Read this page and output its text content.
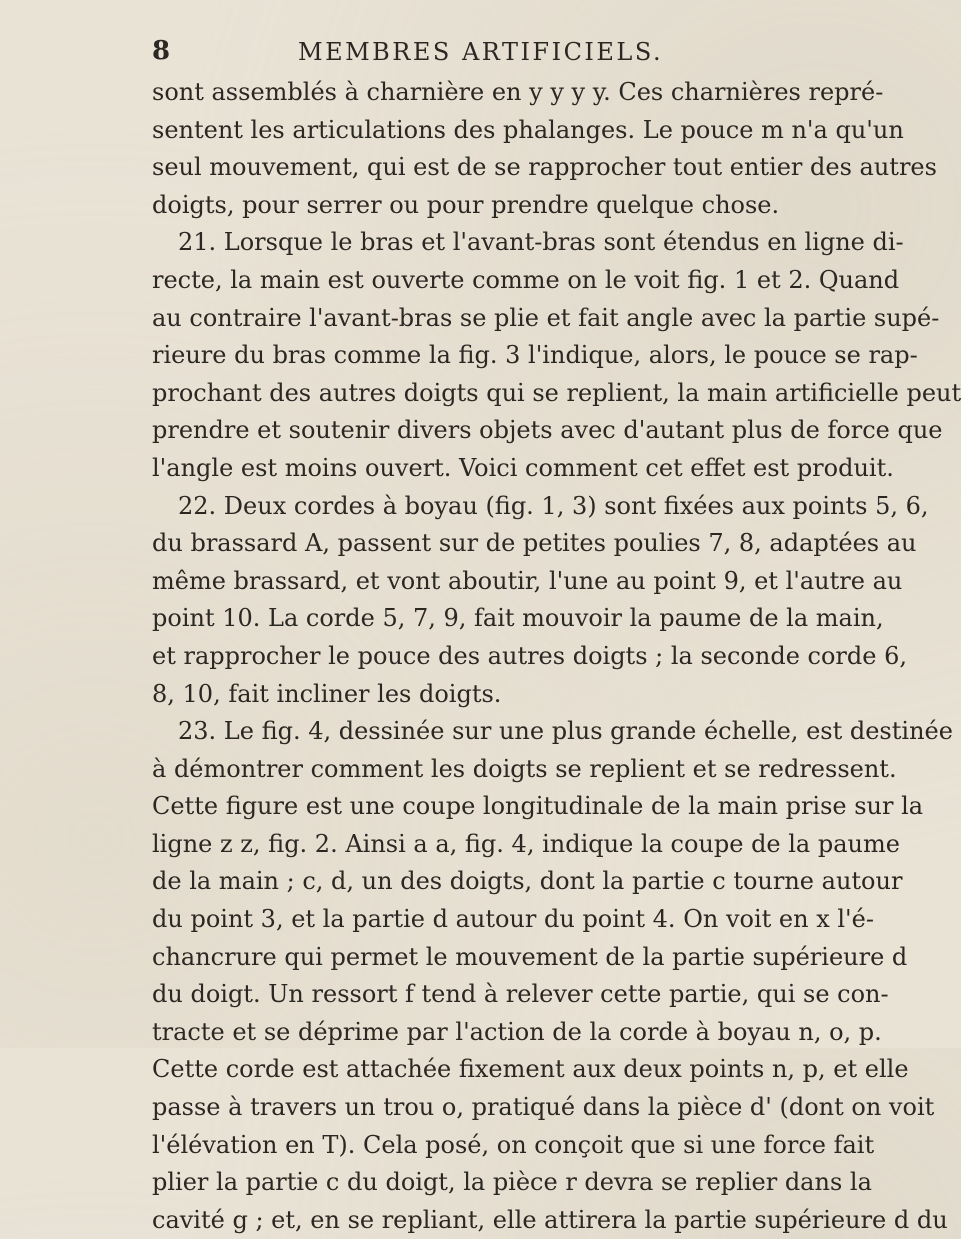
8	MEMBRES ARTIFICIELS.
sont assemblés à charnière en y y y y. Ces charnières repré-
sentent les articulations des phalanges. Le pouce m n'a qu'un
seul mouvement, qui est de se rapprocher tout entier des autres
doigts, pour serrer ou pour prendre quelque chose.
21. Lorsque le bras et l'avant-bras sont étendus en ligne di-
recte, la main est ouverte comme on le voit fig. 1 et 2. Quand
au contraire l'avant-bras se plie et fait angle avec la partie supé-
rieure du bras comme la fig. 3 l'indique, alors, le pouce se rap-
prochant des autres doigts qui se replient, la main artificielle peut
prendre et soutenir divers objets avec d'autant plus de force que
l'angle est moins ouvert. Voici comment cet effet est produit.
22. Deux cordes à boyau (fig. 1, 3) sont fixées aux points 5, 6,
du brassard A, passent sur de petites poulies 7, 8, adaptées au
même brassard, et vont aboutir, l'une au point 9, et l'autre au
point 10. La corde 5, 7, 9, fait mouvoir la paume de la main,
et rapprocher le pouce des autres doigts ; la seconde corde 6,
8, 10, fait incliner les doigts.
23. Le fig. 4, dessinée sur une plus grande échelle, est destinée
à démontrer comment les doigts se replient et se redressent.
Cette figure est une coupe longitudinale de la main prise sur la
ligne z z, fig. 2. Ainsi a a, fig. 4, indique la coupe de la paume
de la main ; c, d, un des doigts, dont la partie c tourne autour
du point 3, et la partie d autour du point 4. On voit en x l'é-
chancrure qui permet le mouvement de la partie supérieure d
du doigt. Un ressort f tend à relever cette partie, qui se con-
tracte et se déprime par l'action de la corde à boyau n, o, p.
Cette corde est attachée fixement aux deux points n, p, et elle
passe à travers un trou o, pratiqué dans la pièce d' (dont on voit
l'élévation en T). Cela posé, on conçoit que si une force fait
plier la partie c du doigt, la pièce r devra se replier dans la
cavité g ; et, en se repliant, elle attirera la partie supérieure d du
